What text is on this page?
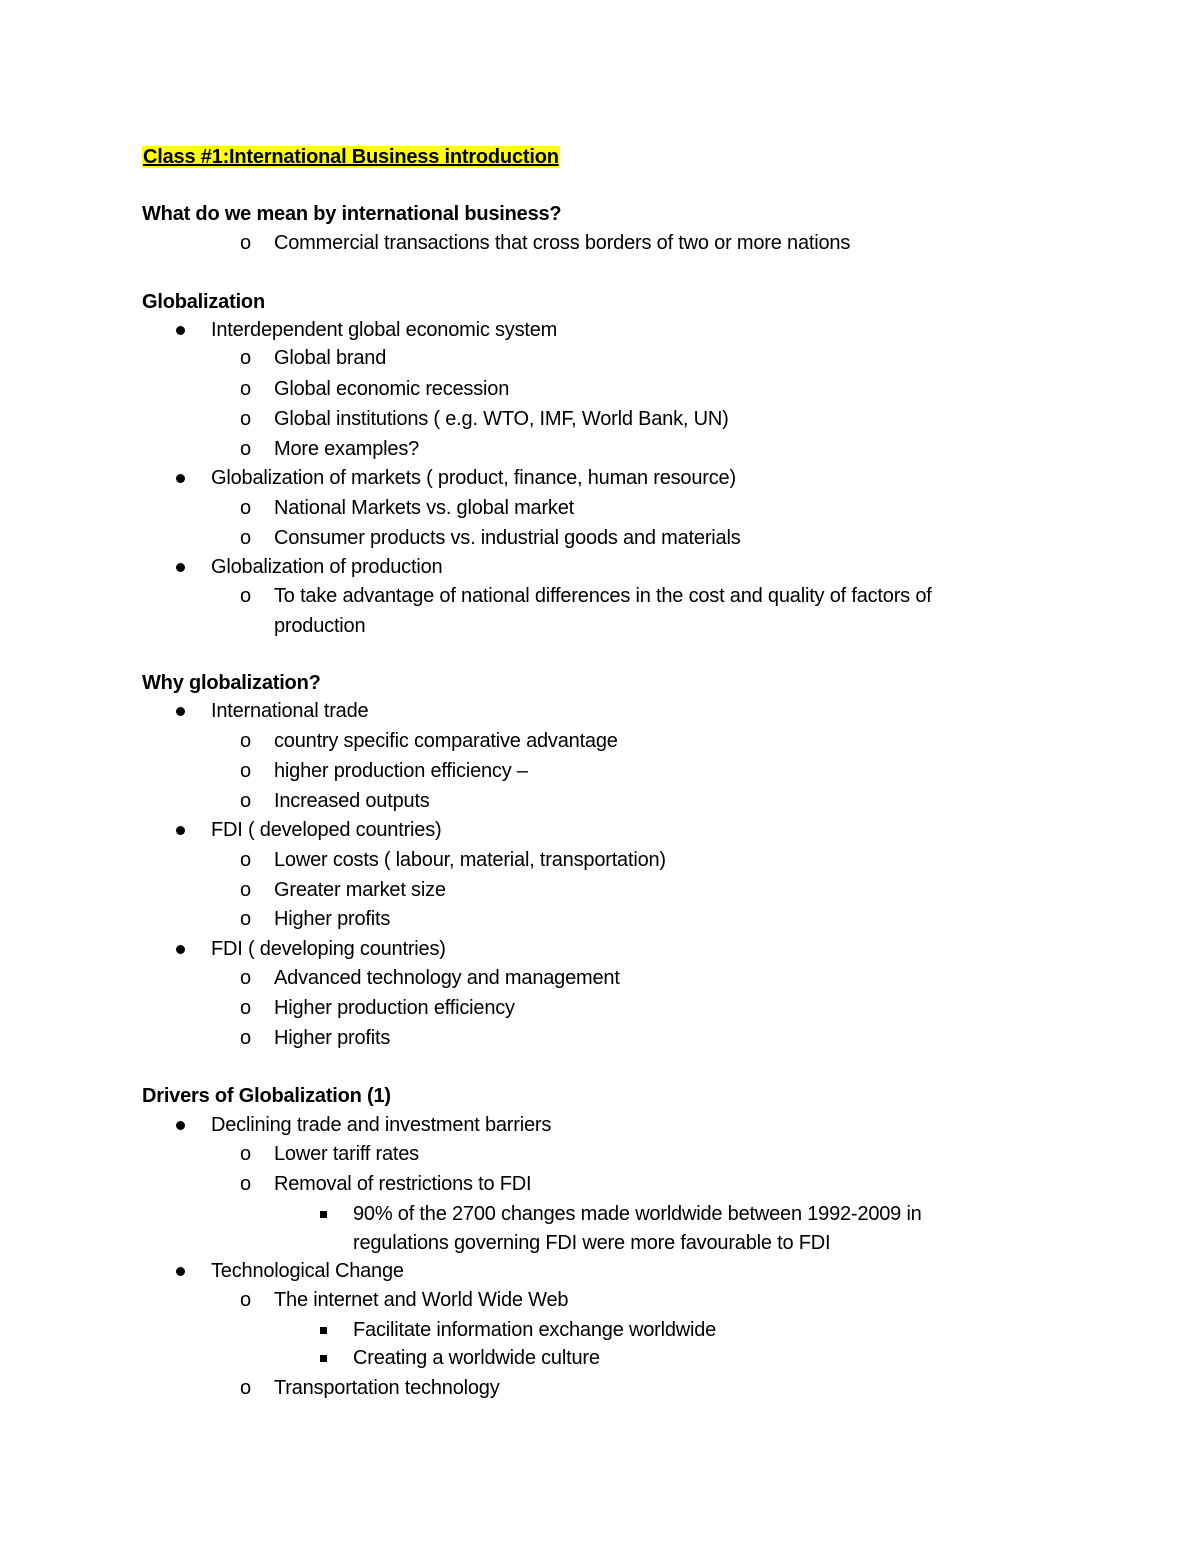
Class #1:International Business introduction
What do we mean by international business?
o Commercial transactions that cross borders of two or more nations
Globalization
Interdependent global economic system
o Global brand
o Global economic recession
o Global institutions ( e.g. WTO, IMF, World Bank, UN)
o More examples?
Globalization of markets ( product, finance, human resource)
o National Markets vs. global market
o Consumer products vs. industrial goods and materials
Globalization of production
o To take advantage of national differences in the cost and quality of factors of
production
Why globalization?
International trade
o country specific comparative advantage
o higher production efficiency –
o Increased outputs
FDI ( developed countries)
o Lower costs ( labour, material, transportation)
o Greater market size
o Higher profits
FDI ( developing countries)
o Advanced technology and management
o Higher production efficiency
o Higher profits
Drivers of Globalization (1)
Declining trade and investment barriers
o Lower tariff rates
o Removal of restrictions to FDI
90% of the 2700 changes made worldwide between 1992-2009 in
regulations governing FDI were more favourable to FDI
Technological Change
o The internet and World Wide Web
Facilitate information exchange worldwide
Creating a worldwide culture
o Transportation technology
